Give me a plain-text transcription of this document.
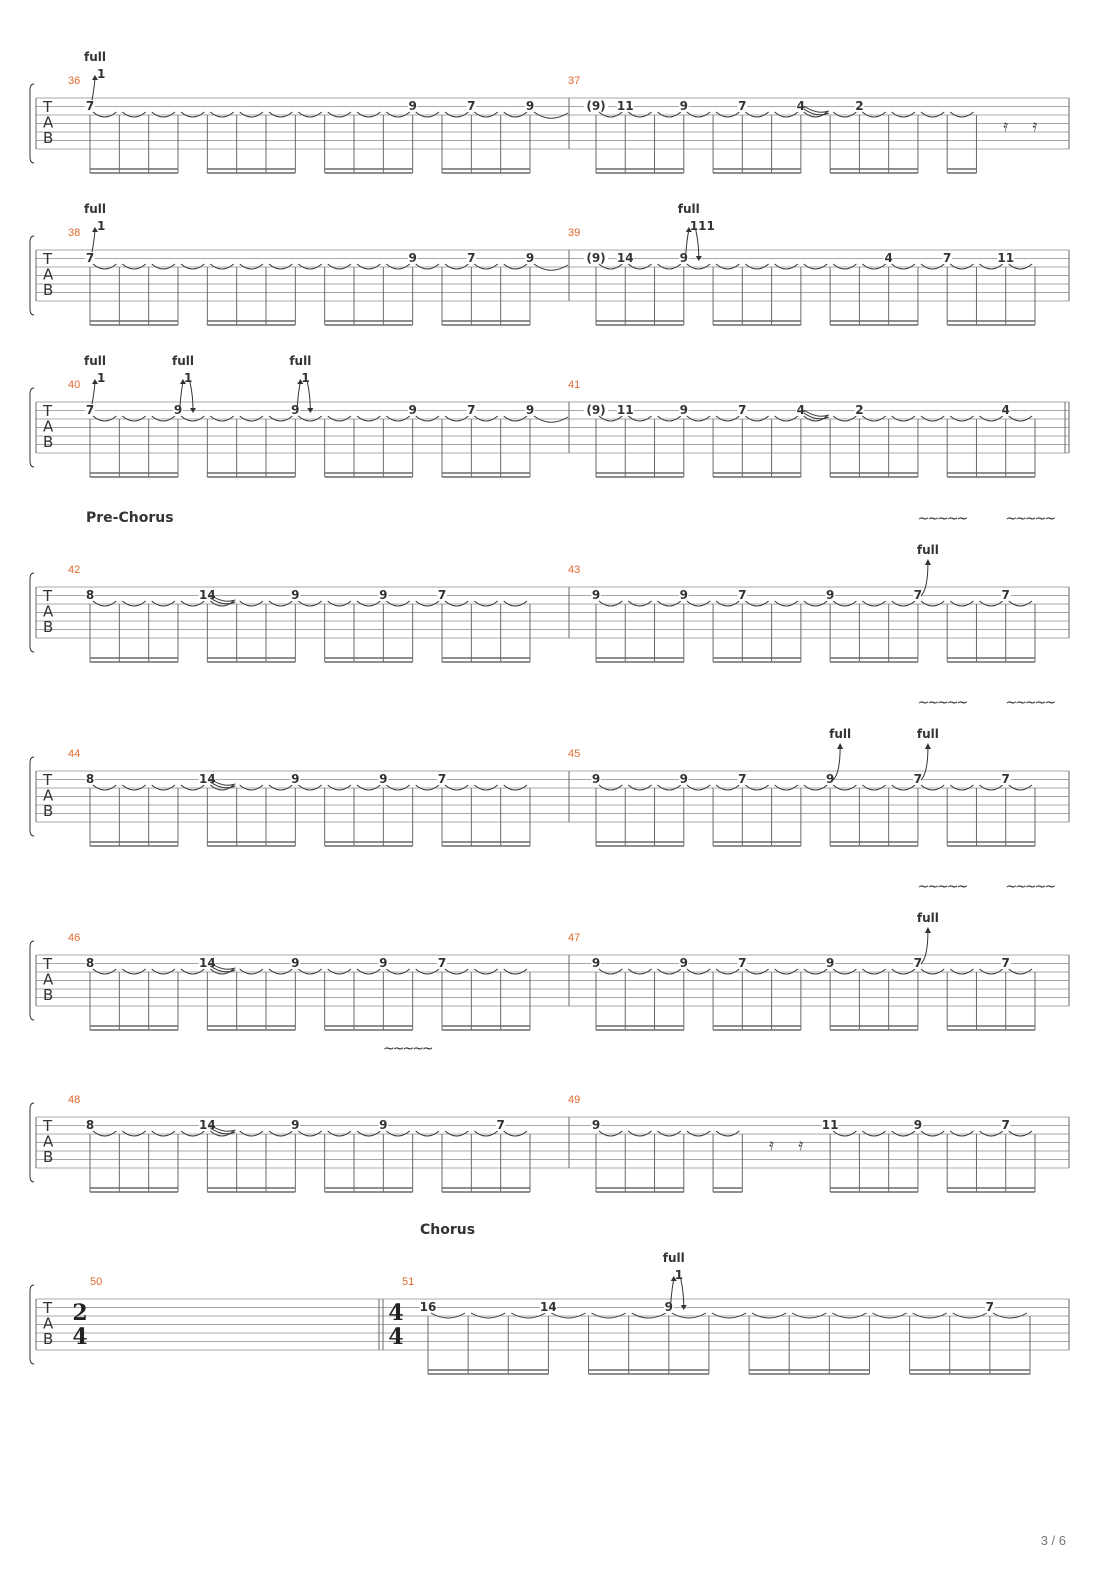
T
A
B
36	37
7
1
full
9	7	9
𝄿 𝄿
(9) 11	9	7	4	2
T
A
B
38	39
7
1
full
9	7	9	(9) 14	9
111
full
4	7	11
T
A
B
40	41
7
1
full
9
1
full
9
1
full
9	7	9	(9) 11	9	7	4	2	4
T
A
B
Pre-Chorus
42	43
8	14	9	9	7	9	9	7	9	7
full
~~~~~
7
~~~~~
T
A
B
44	45
8	14	9	9	7	9	9	7	9
full
7
full
~~~~~
7
~~~~~
T
A
B
46	47
8	14	9	9	7	9	9	7	9	7
full
~~~~~
7
~~~~~
T
A
B
48	49
8	14	9	9
~~~~~
7
𝄿 𝄿
9	11	9	7
T
A
B
Chorus
50
2
4
51
4
4
16	14	9
1
full
7
3 / 6
